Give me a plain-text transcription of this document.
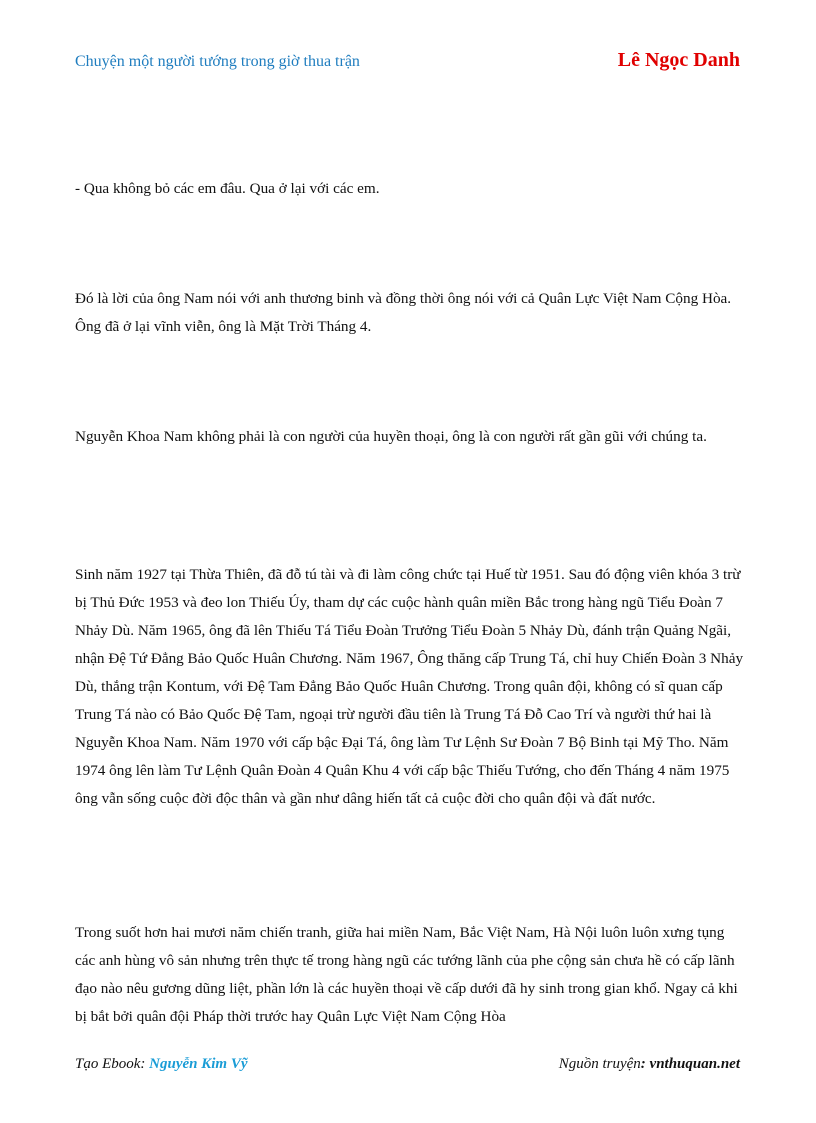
Chuyện một người tướng trong giờ thua trận	Lê Ngọc Danh

- Qua không bỏ các em đâu. Qua ở lại với các em.

Đó là lời của ông Nam nói với anh thương binh và đồng thời ông nói với cả Quân Lực Việt Nam Cộng Hòa. Ông đã ở lại vĩnh viễn, ông là Mặt Trời Tháng 4.

Nguyễn Khoa Nam không phải là con người của huyền thoại, ông là con người rất gần gũi với chúng ta.

Sinh năm 1927 tại Thừa Thiên, đã đỗ tú tài và đi làm công chức tại Huế từ 1951. Sau đó động viên khóa 3 trừ bị Thủ Đức 1953 và đeo lon Thiếu Úy, tham dự các cuộc hành quân miền Bắc trong hàng ngũ Tiểu Đoàn 7 Nhảy Dù. Năm 1965, ông đã lên Thiếu Tá Tiểu Đoàn Trưởng Tiểu Đoàn 5 Nhảy Dù, đánh trận Quảng Ngãi, nhận Đệ Tứ Đẳng Bảo Quốc Huân Chương. Năm 1967, Ông thăng cấp Trung Tá, chỉ huy Chiến Đoàn 3 Nhảy Dù, thắng trận Kontum, với Đệ Tam Đẳng Bảo Quốc Huân Chương. Trong quân đội, không có sĩ quan cấp Trung Tá nào có Bảo Quốc Đệ Tam, ngoại trừ người đầu tiên là Trung Tá Đỗ Cao Trí và người thứ hai là Nguyễn Khoa Nam. Năm 1970 với cấp bậc Đại Tá, ông làm Tư Lệnh Sư Đoàn 7 Bộ Binh tại Mỹ Tho. Năm 1974 ông lên làm Tư Lệnh Quân Đoàn 4 Quân Khu 4 với cấp bậc Thiếu Tướng, cho đến Tháng 4 năm 1975 ông vẫn sống cuộc đời độc thân và gần như dâng hiến tất cả cuộc đời cho quân đội và đất nước.

Trong suốt hơn hai mươi năm chiến tranh, giữa hai miền Nam, Bắc Việt Nam, Hà Nội luôn luôn xưng tụng các anh hùng vô sản nhưng trên thực tế trong hàng ngũ các tướng lãnh của phe cộng sản chưa hề có cấp lãnh đạo nào nêu gương dũng liệt, phần lớn là các huyền thoại về cấp dưới đã hy sinh trong gian khổ. Ngay cả khi bị bắt bởi quân đội Pháp thời trước hay Quân Lực Việt Nam Cộng Hòa

Tạo Ebook: Nguyễn Kim Vỹ	Nguồn truyện: vnthuquan.net
